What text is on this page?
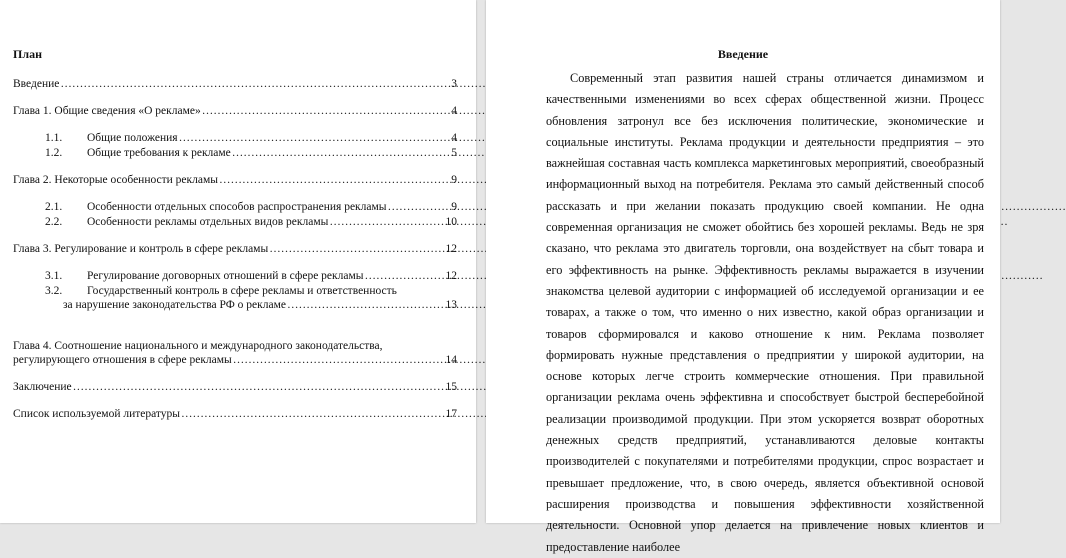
План
Введение ……………………………………………………………………………………………………………………………………………………………	3
Глава 1. Общие сведения «О рекламе» ……………………………………………………………………………………………………………………………………………………………	4
1.1. Общие положения ……………………………………………………………………………………………………………………………………………………………	4
1.2. Общие требования к рекламе ……………………………………………………………………………………………………………………………………………………………	5
Глава 2. Некоторые особенности рекламы ……………………………………………………………………………………………………………………………………………………………	9
2.1. Особенности отдельных способов распространения рекламы ……………………………………………………………………………………………………………………………………………………………	9
2.2. Особенности рекламы отдельных видов рекламы ……………………………………………………………………………………………………………………………………………………………	10
Глава 3. Регулирование и контроль в сфере рекламы ……………………………………………………………………………………………………………………………………………………………	12
3.1. Регулирование договорных отношений в сфере рекламы ……………………………………………………………………………………………………………………………………………………………	12
3.2. Государственный контроль в сфере рекламы и ответственность
за нарушение законодательства РФ о рекламе ……………………………………………………………………………………………………………………………………………………………	13
Глава 4. Соотношение национального и международного законодательства,
регулирующего отношения в сфере рекламы ……………………………………………………………………………………………………………………………………………………………	14
Заключение ……………………………………………………………………………………………………………………………………………………………	15
Список используемой литературы ……………………………………………………………………………………………………………………………………………………………	17
Введение

Современный этап развития нашей страны отличается динамизмом и качественными изменениями во всех сферах общественной жизни. Процесс обновления затронул все без исключения политические, экономические и социальные институты. Реклама продукции и деятельности предприятия – это важнейшая составная часть комплекса маркетинговых мероприятий, своеобразный информационный выход на потребителя. Реклама это самый действенный способ рассказать и при желании показать продукцию своей компании. Не одна современная организация не сможет обойтись без хорошей рекламы. Ведь не зря сказано, что реклама это двигатель торговли, она воздействует на сбыт товара и его эффективность на рынке. Эффективность рекламы выражается в изучении знакомства целевой аудитории с информацией об исследуемой организации и ее товарах, а также о том, что именно о них известно, какой образ организации и товаров сформировался и каково отношение к ним. Реклама позволяет формировать нужные представления о предприятии у широкой аудитории, на основе которых легче строить коммерческие отношения. При правильной организации реклама очень эффективна и способствует быстрой бесперебойной реализации производимой продукции. При этом ускоряется возврат оборотных денежных средств предприятий, устанавливаются деловые контакты производителей с покупателями и потребителями продукции, спрос возрастает и превышает предложение, что, в свою очередь, является объективной основой расширения производства и повышения эффективности хозяйственной деятельности. Основной упор делается на привлечение новых клиентов и предоставление наиболее
